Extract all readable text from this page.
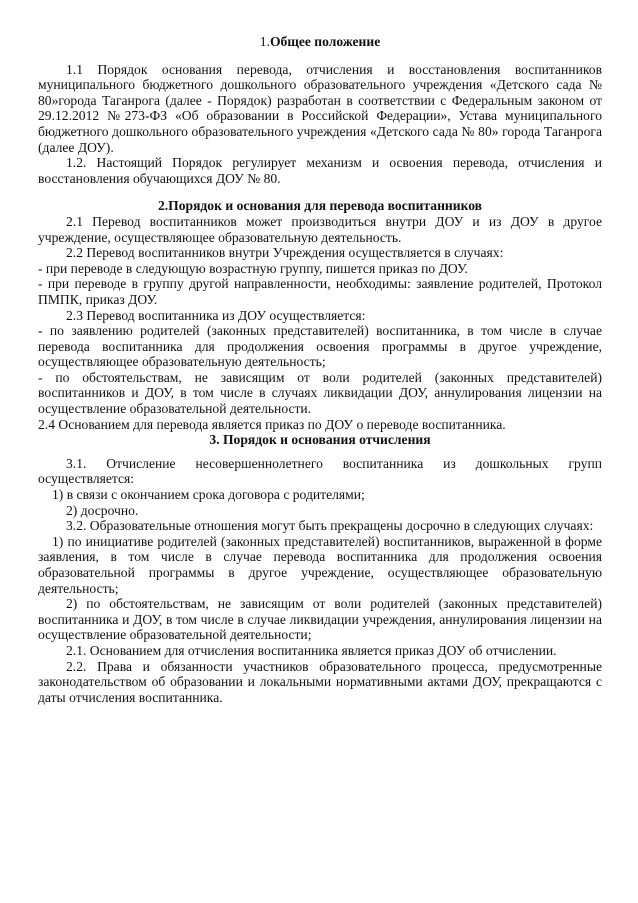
1.Общее положение

1.1 Порядок основания перевода, отчисления и восстановления воспитанников муниципального бюджетного дошкольного образовательного учреждения «Детского сада № 80»города Таганрога (далее - Порядок) разработан в соответствии с Федеральным законом от 29.12.2012 №273-ФЗ «Об образовании в Российской Федерации», Устава муниципального бюджетного дошкольного образовательного учреждения «Детского сада № 80» города Таганрога (далее ДОУ).

1.2. Настоящий Порядок регулирует механизм и освоения перевода, отчисления и восстановления обучающихся ДОУ № 80.

2.Порядок и основания для перевода воспитанников

2.1 Перевод воспитанников может производиться внутри ДОУ и из ДОУ в другое учреждение, осуществляющее образовательную деятельность.

2.2 Перевод воспитанников внутри Учреждения осуществляется в случаях:

- при переводе в следующую возрастную группу, пишется приказ по ДОУ.

- при переводе в группу другой направленности, необходимы: заявление родителей, Протокол ПМПК, приказ ДОУ.

2.3 Перевод воспитанника из ДОУ осуществляется:

- по заявлению родителей (законных представителей) воспитанника, в том числе в случае перевода воспитанника для продолжения освоения программы в другое учреждение, осуществляющее образовательную деятельность;

- по обстоятельствам, не зависящим от воли родителей (законных представителей) воспитанников и ДОУ, в том числе в случаях ликвидации ДОУ, аннулирования лицензии на осуществление образовательной деятельности.

2.4 Основанием для перевода является приказ по ДОУ о переводе воспитанника.

3. Порядок и основания отчисления

3.1. Отчисление несовершеннолетнего воспитанника из дошкольных групп осуществляется:

1) в связи с окончанием срока договора с родителями;

2) досрочно.

3.2. Образовательные отношения могут быть прекращены досрочно в следующих случаях:

1) по инициативе родителей (законных представителей) воспитанников, выраженной в форме заявления, в том числе в случае перевода воспитанника для продолжения освоения образовательной программы в другое учреждение, осуществляющее образовательную деятельность;

2) по обстоятельствам, не зависящим от воли родителей (законных представителей) воспитанника и ДОУ, в том числе в случае ликвидации учреждения, аннулирования лицензии на осуществление образовательной деятельности;

2.1. Основанием для отчисления воспитанника является приказ ДОУ об отчислении.

2.2. Права и обязанности участников образовательного процесса, предусмотренные законодательством об образовании и локальными нормативными актами ДОУ, прекращаются с даты отчисления воспитанника.
